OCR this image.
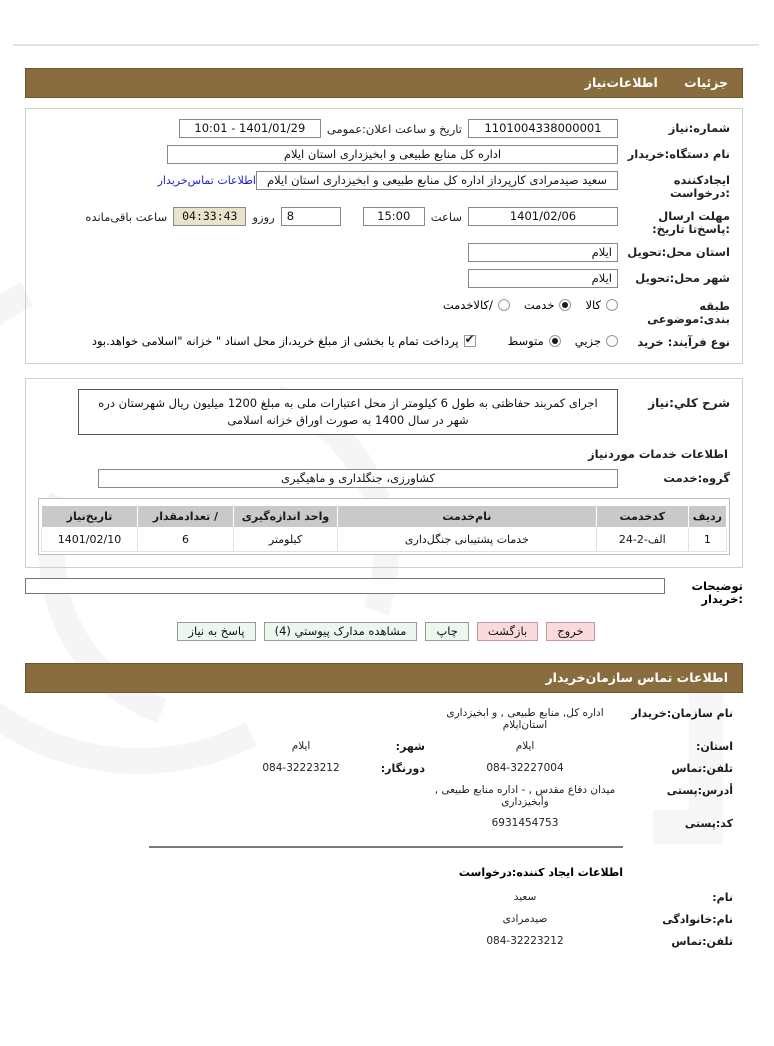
جزئیات اطلاعات‌نیاز
شماره:نیاز
1101004338000001
تاریخ و ساعت اعلان:عمومی
1401/01/29 - 10:01
نام دستگاه:خریدار
اداره کل منابع طبیعی و ابخیزداری استان ایلام
ایجادکننده :درخواست
سعید صیدمرادی کارپرداز اداره کل منابع طبیعی و ابخیزداری استان ایلام
اطلاعات تماس‌خریدار
مهلت ارسال :پاسخ‌تا تاریخ:
1401/02/06
ساعت
15:00
8
روزو
04:33:43
ساعت باقی‌مانده
استان محل:تحویل
ایلام
شهر محل:تحویل
ایلام
طبقه بندی:موضوعی
کالا
خدمت
/کالاخدمت
نوع فرآیند: خرید
جزیي
متوسط
✔
پرداخت تمام یا بخشی از مبلغ خرید،از محل اسناد " خزانه "اسلامی خواهد.بود
شرح کلي:نیاز
اجرای کمربند حفاظتی به طول 6 کیلومتر از محل اعتبارات ملی به مبلغ 1200 میلیون ریال شهرستان دره شهر در سال 1400 به صورت اوراق خزانه اسلامی
اطلاعات خدمات موردنیاز
گروه:خدمت
کشاورزی، جنگلداری و ماهیگیری
ردیف	کدخدمت	نام‌خدمت	واحد اندازه‌گیری	/ تعدادمقدار	تاریخ‌نیاز
1	الف-2-24	خدمات پشتیبانی جنگل‌داری	کیلومتر	6	1401/02/10
توضیحات :خریدار
خروج
بازگشت
چاپ
مشاهده مدارک پیوستي (4)
پاسخ به نیاز
اطلاعات تماس سازمان‌خریدار
نام سازمان:خریدار
اداره کل, منابع طبیعی , و ابخیزداری استان‌ایلام
استان:
ایلام
شهر:
ایلام
تلفن:تماس
084-32227004
دورنگار:
084-32223212
أدرس:پستی
میدان دفاع مقدس , - اداره منابع طبیعی , وأبخیزداری
کد:پستی
6931454753
اطلاعات ایجاد کننده:درخواست
نام:
سعید
نام:خانوادگی
صیدمرادی
تلفن:تماس
084-32223212
